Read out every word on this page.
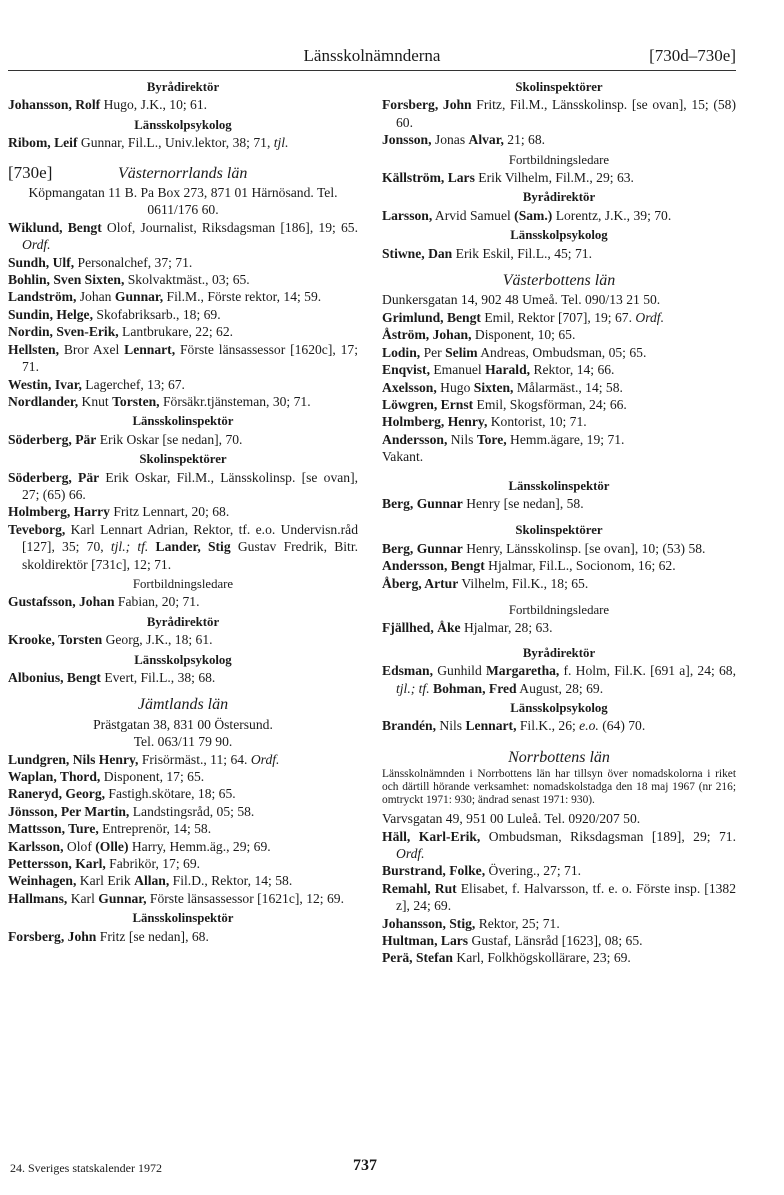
Länsskolnämnderna	[730d–730e]
Byrådirektör
Johansson, Rolf Hugo, J.K., 10; 61.
Länsskolpsykolog
Ribom, Leif Gunnar, Fil.L., Univ.lektor, 38; 71, tjl.
[730e]	Västernorrlands län
Köpmangatan 11 B. Pa Box 273, 871 01 Härnösand. Tel. 0611/176 60.
Wiklund, Bengt Olof, Journalist, Riksdagsman [186], 19; 65. Ordf.
Sundh, Ulf, Personalchef, 37; 71.
Bohlin, Sven Sixten, Skolvaktmäst., 03; 65.
Landström, Johan Gunnar, Fil.M., Förste rektor, 14; 59.
Sundin, Helge, Skofabriksarb., 18; 69.
Nordin, Sven-Erik, Lantbrukare, 22; 62.
Hellsten, Bror Axel Lennart, Förste länsassessor [1620c], 17; 71.
Westin, Ivar, Lagerchef, 13; 67.
Nordlander, Knut Torsten, Försäkr.tjänsteman, 30; 71.
Länsskolinspektör
Söderberg, Pär Erik Oskar [se nedan], 70.
Skolinspektörer
Söderberg, Pär Erik Oskar, Fil.M., Länsskolinsp. [se ovan], 27; (65) 66.
Holmberg, Harry Fritz Lennart, 20; 68.
Teveborg, Karl Lennart Adrian, Rektor, tf. e.o. Undervisn.råd [127], 35; 70, tjl.; tf. Lander, Stig Gustav Fredrik, Bitr. skoldirektör [731c], 12; 71.
Fortbildningsledare
Gustafsson, Johan Fabian, 20; 71.
Byrådirektör
Krooke, Torsten Georg, J.K., 18; 61.
Länsskolpsykolog
Albonius, Bengt Evert, Fil.L., 38; 68.
Jämtlands län
Prästgatan 38, 831 00 Östersund.
Tel. 063/11 79 90.
Lundgren, Nils Henry, Frisörmäst., 11; 64. Ordf.
Waplan, Thord, Disponent, 17; 65.
Raneryd, Georg, Fastigh.skötare, 18; 65.
Jönsson, Per Martin, Landstingsråd, 05; 58.
Mattsson, Ture, Entreprenör, 14; 58.
Karlsson, Olof (Olle) Harry, Hemm.äg., 29; 69.
Pettersson, Karl, Fabrikör, 17; 69.
Weinhagen, Karl Erik Allan, Fil.D., Rektor, 14; 58.
Hallmans, Karl Gunnar, Förste länsassessor [1621c], 12; 69.
Länsskolinspektör
Forsberg, John Fritz [se nedan], 68.
Skolinspektörer
Forsberg, John Fritz, Fil.M., Länsskolinsp. [se ovan], 15; (58) 60.
Jonsson, Jonas Alvar, 21; 68.
Fortbildningsledare
Källström, Lars Erik Vilhelm, Fil.M., 29; 63.
Byrådirektör
Larsson, Arvid Samuel (Sam.) Lorentz, J.K., 39; 70.
Länsskolpsykolog
Stiwne, Dan Erik Eskil, Fil.L., 45; 71.
Västerbottens län
Dunkersgatan 14, 902 48 Umeå. Tel. 090/13 21 50.
Grimlund, Bengt Emil, Rektor [707], 19; 67. Ordf.
Åström, Johan, Disponent, 10; 65.
Lodin, Per Selim Andreas, Ombudsman, 05; 65.
Enqvist, Emanuel Harald, Rektor, 14; 66.
Axelsson, Hugo Sixten, Målarmäst., 14; 58.
Löwgren, Ernst Emil, Skogsförman, 24; 66.
Holmberg, Henry, Kontorist, 10; 71.
Andersson, Nils Tore, Hemm.ägare, 19; 71.
Vakant.
Länsskolinspektör
Berg, Gunnar Henry [se nedan], 58.
Skolinspektörer
Berg, Gunnar Henry, Länsskolinsp. [se ovan], 10; (53) 58.
Andersson, Bengt Hjalmar, Fil.L., Socionom, 16; 62.
Åberg, Artur Vilhelm, Fil.K., 18; 65.
Fortbildningsledare
Fjällhed, Åke Hjalmar, 28; 63.
Byrådirektör
Edsman, Gunhild Margaretha, f. Holm, Fil.K. [691 a], 24; 68, tjl.; tf. Bohman, Fred August, 28; 69.
Länsskolpsykolog
Brandén, Nils Lennart, Fil.K., 26; e.o. (64) 70.
Norrbottens län
Länsskolnämnden i Norrbottens län har tillsyn över nomadskolorna i riket och därtill hörande verksamhet: nomadskolstadga den 18 maj 1967 (nr 216; omtryckt 1971: 930; ändrad senast 1971: 930).
Varvsgatan 49, 951 00 Luleå. Tel. 0920/207 50.
Häll, Karl-Erik, Ombudsman, Riksdagsman [189], 29; 71. Ordf.
Burstrand, Folke, Övering., 27; 71.
Remahl, Rut Elisabet, f. Halvarsson, tf. e. o. Förste insp. [1382 z], 24; 69.
Johansson, Stig, Rektor, 25; 71.
Hultman, Lars Gustaf, Länsråd [1623], 08; 65.
Perä, Stefan Karl, Folkhögskollärare, 23; 69.
24. Sveriges statskalender 1972	737
